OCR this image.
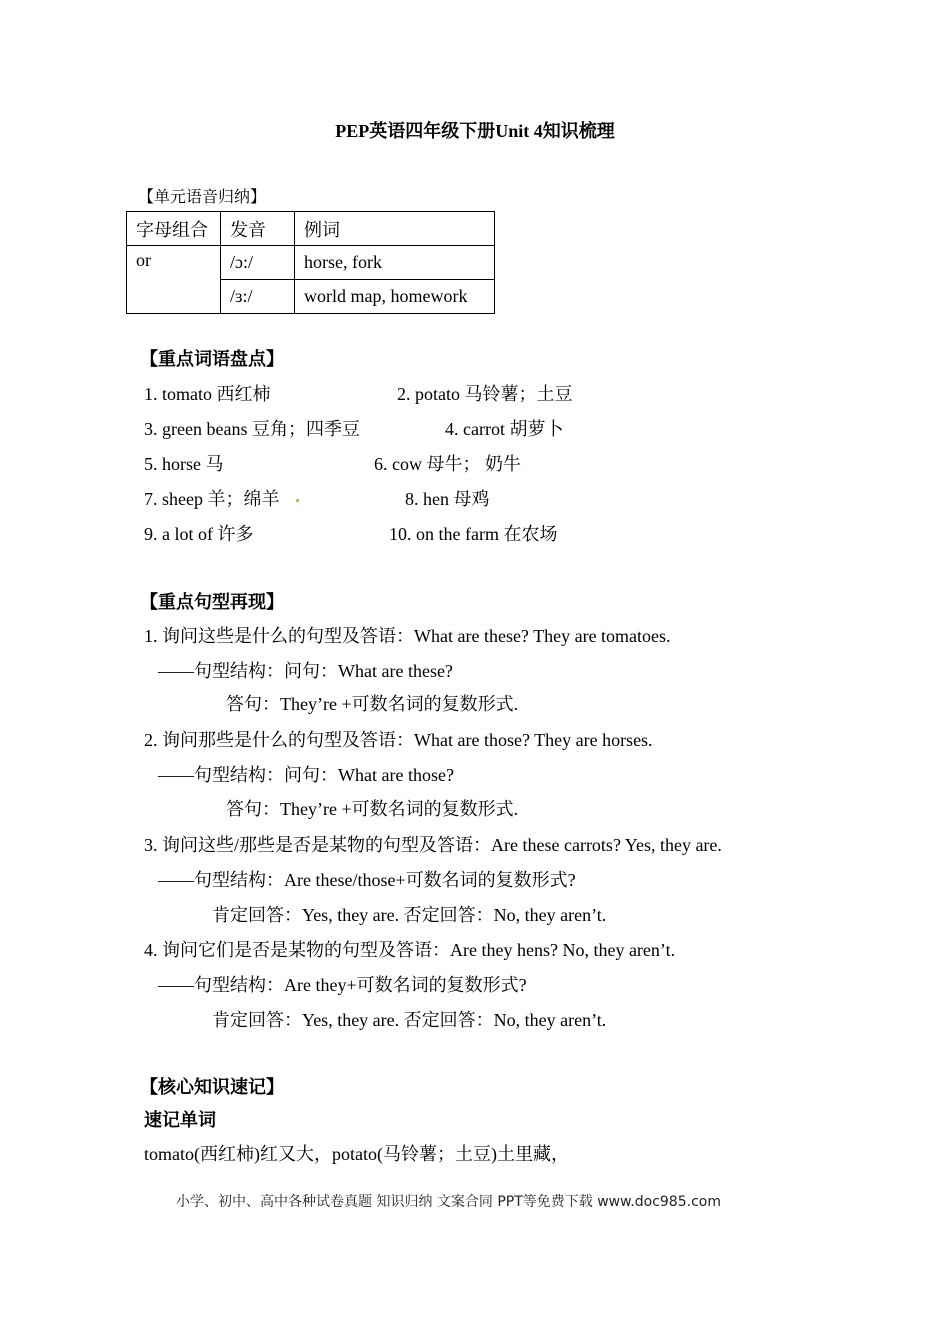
PEP英语四年级下册Unit 4知识梳理
【单元语音归纳】
字母组合	发音	例词
or	/ɔ:/	horse, fork
	/ɜ:/	world map, homework
【重点词语盘点】
1. tomato 西红柿	2. potato 马铃薯；土豆
3. green beans 豆角；四季豆	4. carrot 胡萝卜
5. horse 马	6. cow 母牛； 奶牛
7. sheep 羊；绵羊	8. hen 母鸡
9. a lot of 许多	10. on the farm 在农场
【重点句型再现】
1. 询问这些是什么的句型及答语：What are these? They are tomatoes.
——句型结构：问句：What are these?
答句：They’re +可数名词的复数形式.
2. 询问那些是什么的句型及答语：What are those? They are horses.
——句型结构：问句：What are those?
答句：They’re +可数名词的复数形式.
3. 询问这些/那些是否是某物的句型及答语：Are these carrots? Yes, they are.
——句型结构：Are these/those+可数名词的复数形式?
肯定回答：Yes, they are. 否定回答：No, they aren’t.
4. 询问它们是否是某物的句型及答语：Are they hens? No, they aren’t.
——句型结构：Are they+可数名词的复数形式?
肯定回答：Yes, they are. 否定回答：No, they aren’t.
【核心知识速记】
速记单词
tomato(西红柿)红又大，potato(马铃薯；土豆)土里藏，
小学、初中、高中各种试卷真题 知识归纳 文案合同 PPT等免费下载 www.doc985.com
